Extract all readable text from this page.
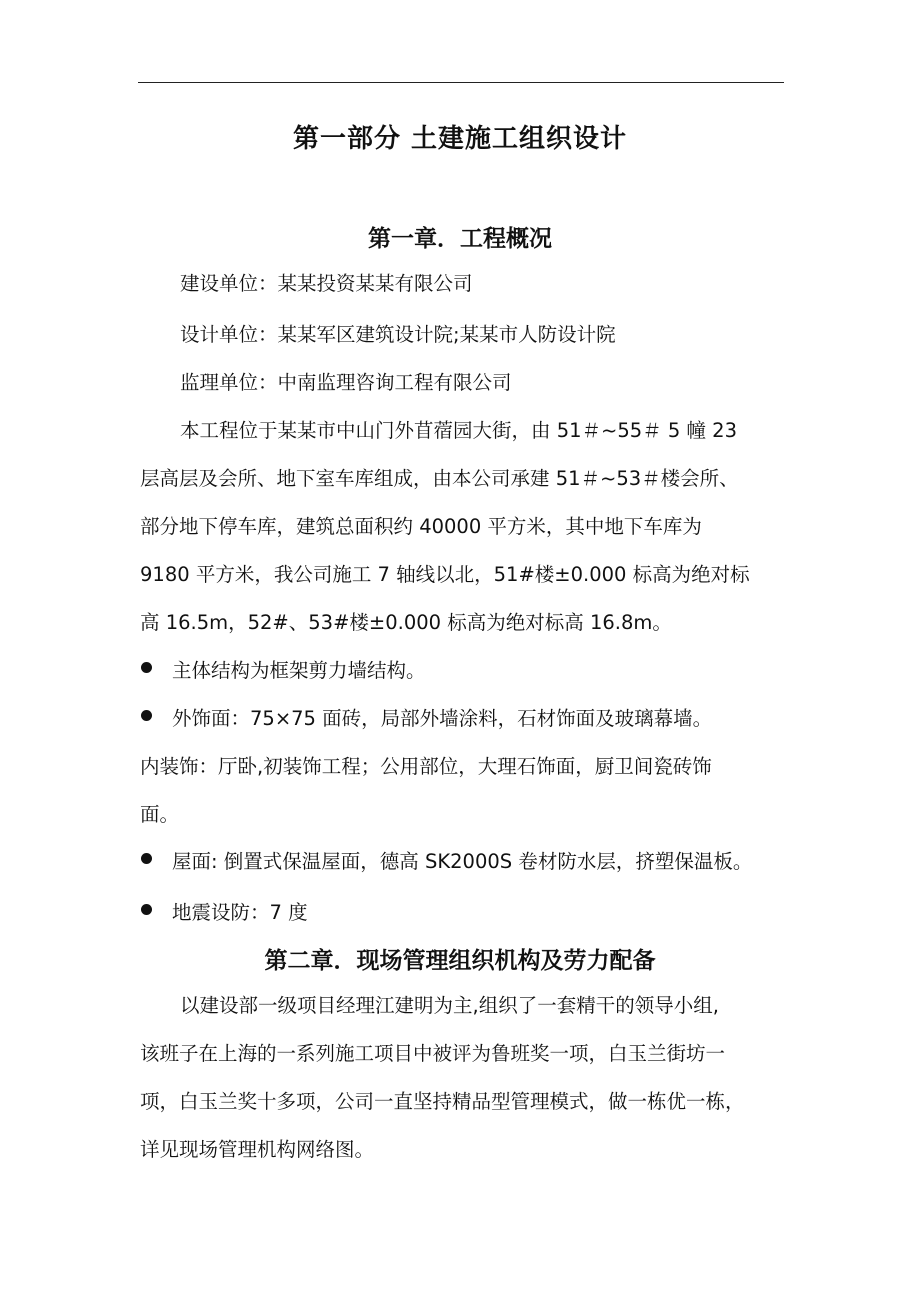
第一部分 土建施工组织设计
第一章．工程概况
建设单位：某某投资某某有限公司
设计单位：某某军区建筑设计院;某某市人防设计院
监理单位：中南监理咨询工程有限公司
本工程位于某某市中山门外苜蓿园大街，由 51＃~55＃ 5 幢 23
层高层及会所、地下室车库组成，由本公司承建 51＃~53＃楼会所、
部分地下停车库，建筑总面积约 40000 平方米，其中地下车库为
9180 平方米，我公司施工 7 轴线以北，51#楼±0.000 标高为绝对标
高 16.5m，52#、53#楼±0.000 标高为绝对标高 16.8m。
主体结构为框架剪力墙结构。
外饰面：75×75 面砖，局部外墙涂料，石材饰面及玻璃幕墙。
内装饰：厅卧,初装饰工程；公用部位，大理石饰面，厨卫间瓷砖饰
面。
屋面: 倒置式保温屋面，德高 SK2000S 卷材防水层，挤塑保温板。
地震设防：7 度
第二章．现场管理组织机构及劳力配备
以建设部一级项目经理江建明为主,组织了一套精干的领导小组,
该班子在上海的一系列施工项目中被评为鲁班奖一项，白玉兰街坊一
项，白玉兰奖十多项，公司一直坚持精品型管理模式，做一栋优一栋，
详见现场管理机构网络图。
